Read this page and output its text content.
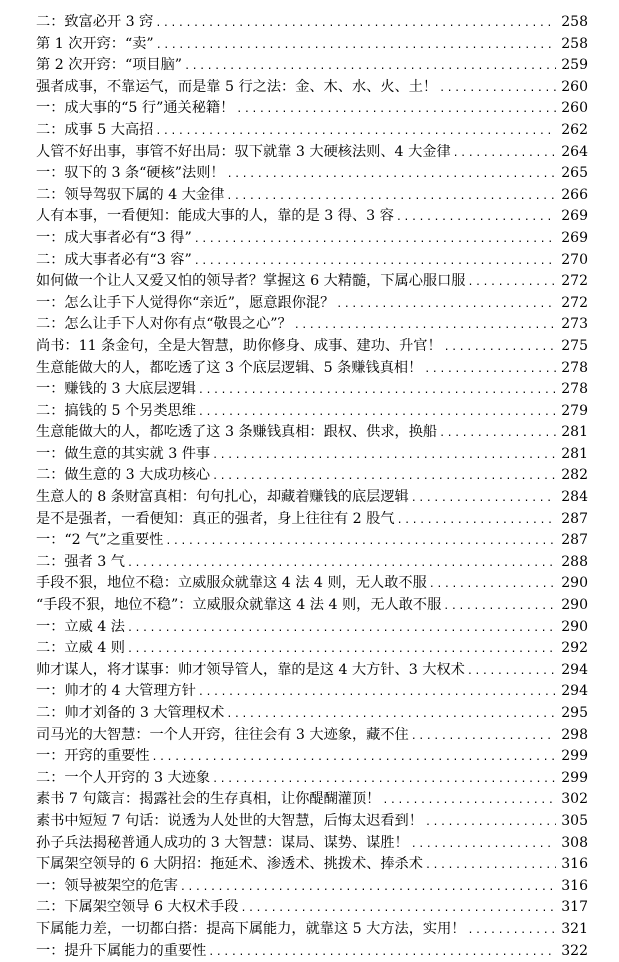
二：致富必开 3 窍 .....	258
第 1 次开窍：“卖” .....	258
第 2 次开窍：“项目脑” .....	259
强者成事，不靠运气，而是靠 5 行之法：金、木、水、火、土！ .....	260
一：成大事的“5 行”通关秘籍！ .....	260
二：成事 5 大高招 .....	262
人管不好出事，事管不好出局：驭下就靠 3 大硬核法则、4 大金律 .....	264
一：驭下的 3 条“硬核”法则！ .....	265
二：领导驾驭下属的 4 大金律 .....	266
人有本事，一看便知：能成大事的人，靠的是 3 得、3 容 .....	269
一：成大事者必有“3 得” .....	269
二：成大事者必有“3 容” .....	270
如何做一个让人又爱又怕的领导者？掌握这 6 大精髓，下属心服口服 .....	272
一：怎么让手下人觉得你“亲近”，愿意跟你混？ .....	272
二：怎么让手下人对你有点“敬畏之心”？ .....	273
尚书：11 条金句，全是大智慧，助你修身、成事、建功、升官！ .....	275
生意能做大的人，都吃透了这 3 个底层逻辑、5 条赚钱真相！ .....	278
一：赚钱的 3 大底层逻辑 .....	278
二：搞钱的 5 个另类思维 .....	279
生意能做大的人，都吃透了这 3 条赚钱真相：跟权、供求，换船 .....	281
一：做生意的其实就 3 件事 .....	281
二：做生意的 3 大成功核心 .....	282
生意人的 8 条财富真相：句句扎心，却藏着赚钱的底层逻辑 .....	284
是不是强者，一看便知：真正的强者，身上往往有 2 股气 .....	287
一：“2 气”之重要性 .....	287
二：强者 3 气 .....	288
手段不狠，地位不稳：立威服众就靠这 4 法 4 则，无人敢不服 .....	290
“手段不狠，地位不稳”：立威服众就靠这 4 法 4 则，无人敢不服 .....	290
一：立威 4 法 .....	290
二：立威 4 则 .....	292
帅才谋人，将才谋事：帅才领导管人，靠的是这 4 大方针、3 大权术 .....	294
一：帅才的 4 大管理方针 .....	294
二：帅才刘备的 3 大管理权术 .....	295
司马光的大智慧：一个人开窍，往往会有 3 大迹象，藏不住 .....	298
一：开窍的重要性 .....	299
二：一个人开窍的 3 大迹象 .....	299
素书 7 句箴言：揭露社会的生存真相，让你醍醐灌顶！ .....	302
素书中短短 7 句话：说透为人处世的大智慧，后悔太迟看到！ .....	305
孙子兵法揭秘普通人成功的 3 大智慧：谋局、谋势、谋胜！ .....	308
下属架空领导的 6 大阴招：拖延术、渗透术、挑拨术、捧杀术 .....	316
一：领导被架空的危害 .....	316
二：下属架空领导 6 大权术手段 .....	317
下属能力差，一切都白搭：提高下属能力，就靠这 5 大方法，实用！ .....	321
一：提升下属能力的重要性 .....	322
